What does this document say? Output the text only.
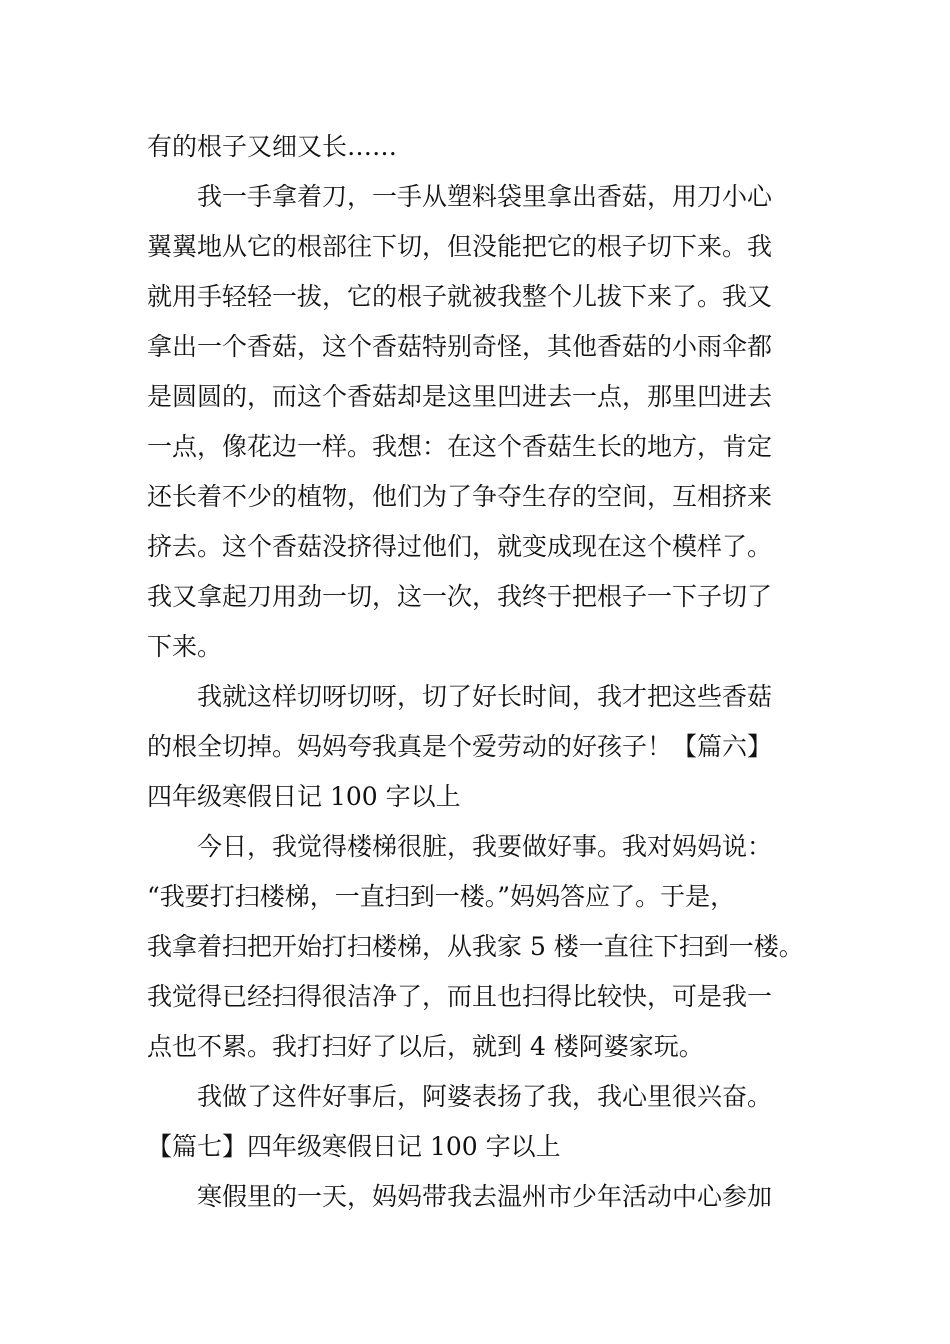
有的根子又细又长……
我一手拿着刀，一手从塑料袋里拿出香菇，用刀小心
翼翼地从它的根部往下切，但没能把它的根子切下来。我
就用手轻轻一拔，它的根子就被我整个儿拔下来了。我又
拿出一个香菇，这个香菇特别奇怪，其他香菇的小雨伞都
是圆圆的，而这个香菇却是这里凹进去一点，那里凹进去
一点，像花边一样。我想：在这个香菇生长的地方，肯定
还长着不少的植物，他们为了争夺生存的空间，互相挤来
挤去。这个香菇没挤得过他们，就变成现在这个模样了。
我又拿起刀用劲一切，这一次，我终于把根子一下子切了
下来。
我就这样切呀切呀，切了好长时间，我才把这些香菇
的根全切掉。妈妈夸我真是个爱劳动的好孩子！【篇六】
四年级寒假日记 100 字以上
今日，我觉得楼梯很脏，我要做好事。我对妈妈说：
“我要打扫楼梯，一直扫到一楼。”妈妈答应了。于是，
我拿着扫把开始打扫楼梯，从我家 5 楼一直往下扫到一楼。
我觉得已经扫得很洁净了，而且也扫得比较快，可是我一
点也不累。我打扫好了以后，就到 4 楼阿婆家玩。
我做了这件好事后，阿婆表扬了我，我心里很兴奋。
【篇七】四年级寒假日记 100 字以上
寒假里的一天，妈妈带我去温州市少年活动中心参加
